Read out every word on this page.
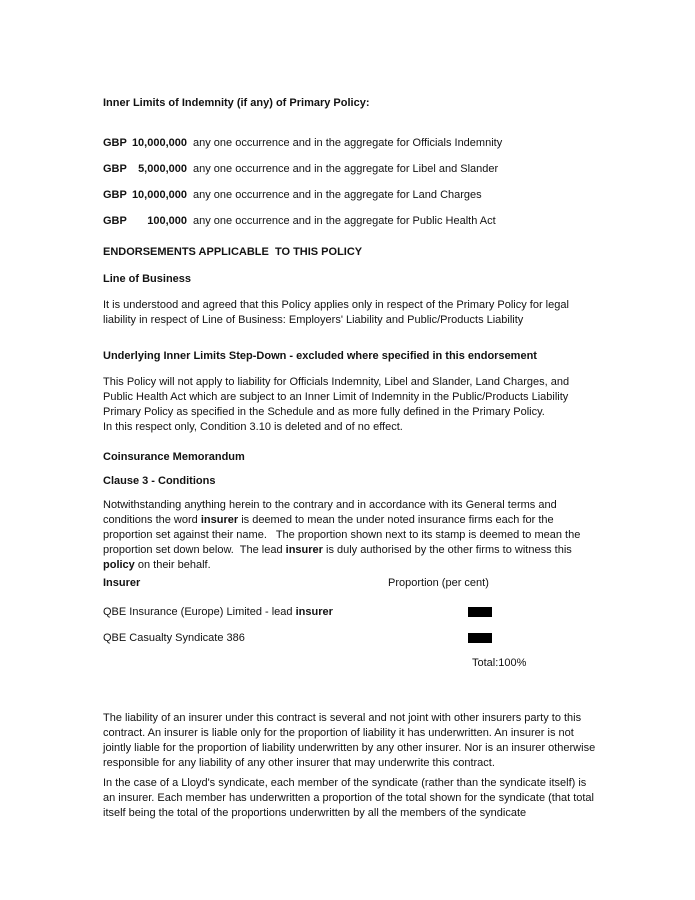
Inner Limits of Indemnity (if any) of Primary Policy:
GBP 10,000,000 any one occurrence and in the aggregate for Officials Indemnity
GBP	5,000,000 any one occurrence and in the aggregate for Libel and Slander
GBP 10,000,000 any one occurrence and in the aggregate for Land Charges
GBP	100,000 any one occurrence and in the aggregate for Public Health Act
ENDORSEMENTS APPLICABLE  TO THIS POLICY
Line of Business

It is understood and agreed that this Policy applies only in respect of the Primary Policy for legal liability in respect of Line of Business: Employers' Liability and Public/Products Liability

Underlying Inner Limits Step-Down - excluded where specified in this endorsement

This Policy will not apply to liability for Officials Indemnity, Libel and Slander, Land Charges, and Public Health Act which are subject to an Inner Limit of Indemnity in the Public/Products Liability Primary Policy as specified in the Schedule and as more fully defined in the Primary Policy.
In this respect only, Condition 3.10 is deleted and of no effect.

Coinsurance Memorandum
Clause 3 - Conditions

Notwithstanding anything herein to the contrary and in accordance with its General terms and conditions the word insurer is deemed to mean the under noted insurance firms each for the proportion set against their name.   The proportion shown next to its stamp is deemed to mean the proportion set down below.  The lead insurer is duly authorised by the other firms to witness this policy on their behalf.

Insurer	Proportion (per cent)
QBE Insurance (Europe) Limited - lead insurer
QBE Casualty Syndicate 386
Total:100%

The liability of an insurer under this contract is several and not joint with other insurers party to this contract. An insurer is liable only for the proportion of liability it has underwritten. An insurer is not jointly liable for the proportion of liability underwritten by any other insurer. Nor is an insurer otherwise responsible for any liability of any other insurer that may underwrite this contract.

In the case of a Lloyd's syndicate, each member of the syndicate (rather than the syndicate itself) is an insurer. Each member has underwritten a proportion of the total shown for the syndicate (that total itself being the total of the proportions underwritten by all the members of the syndicate
